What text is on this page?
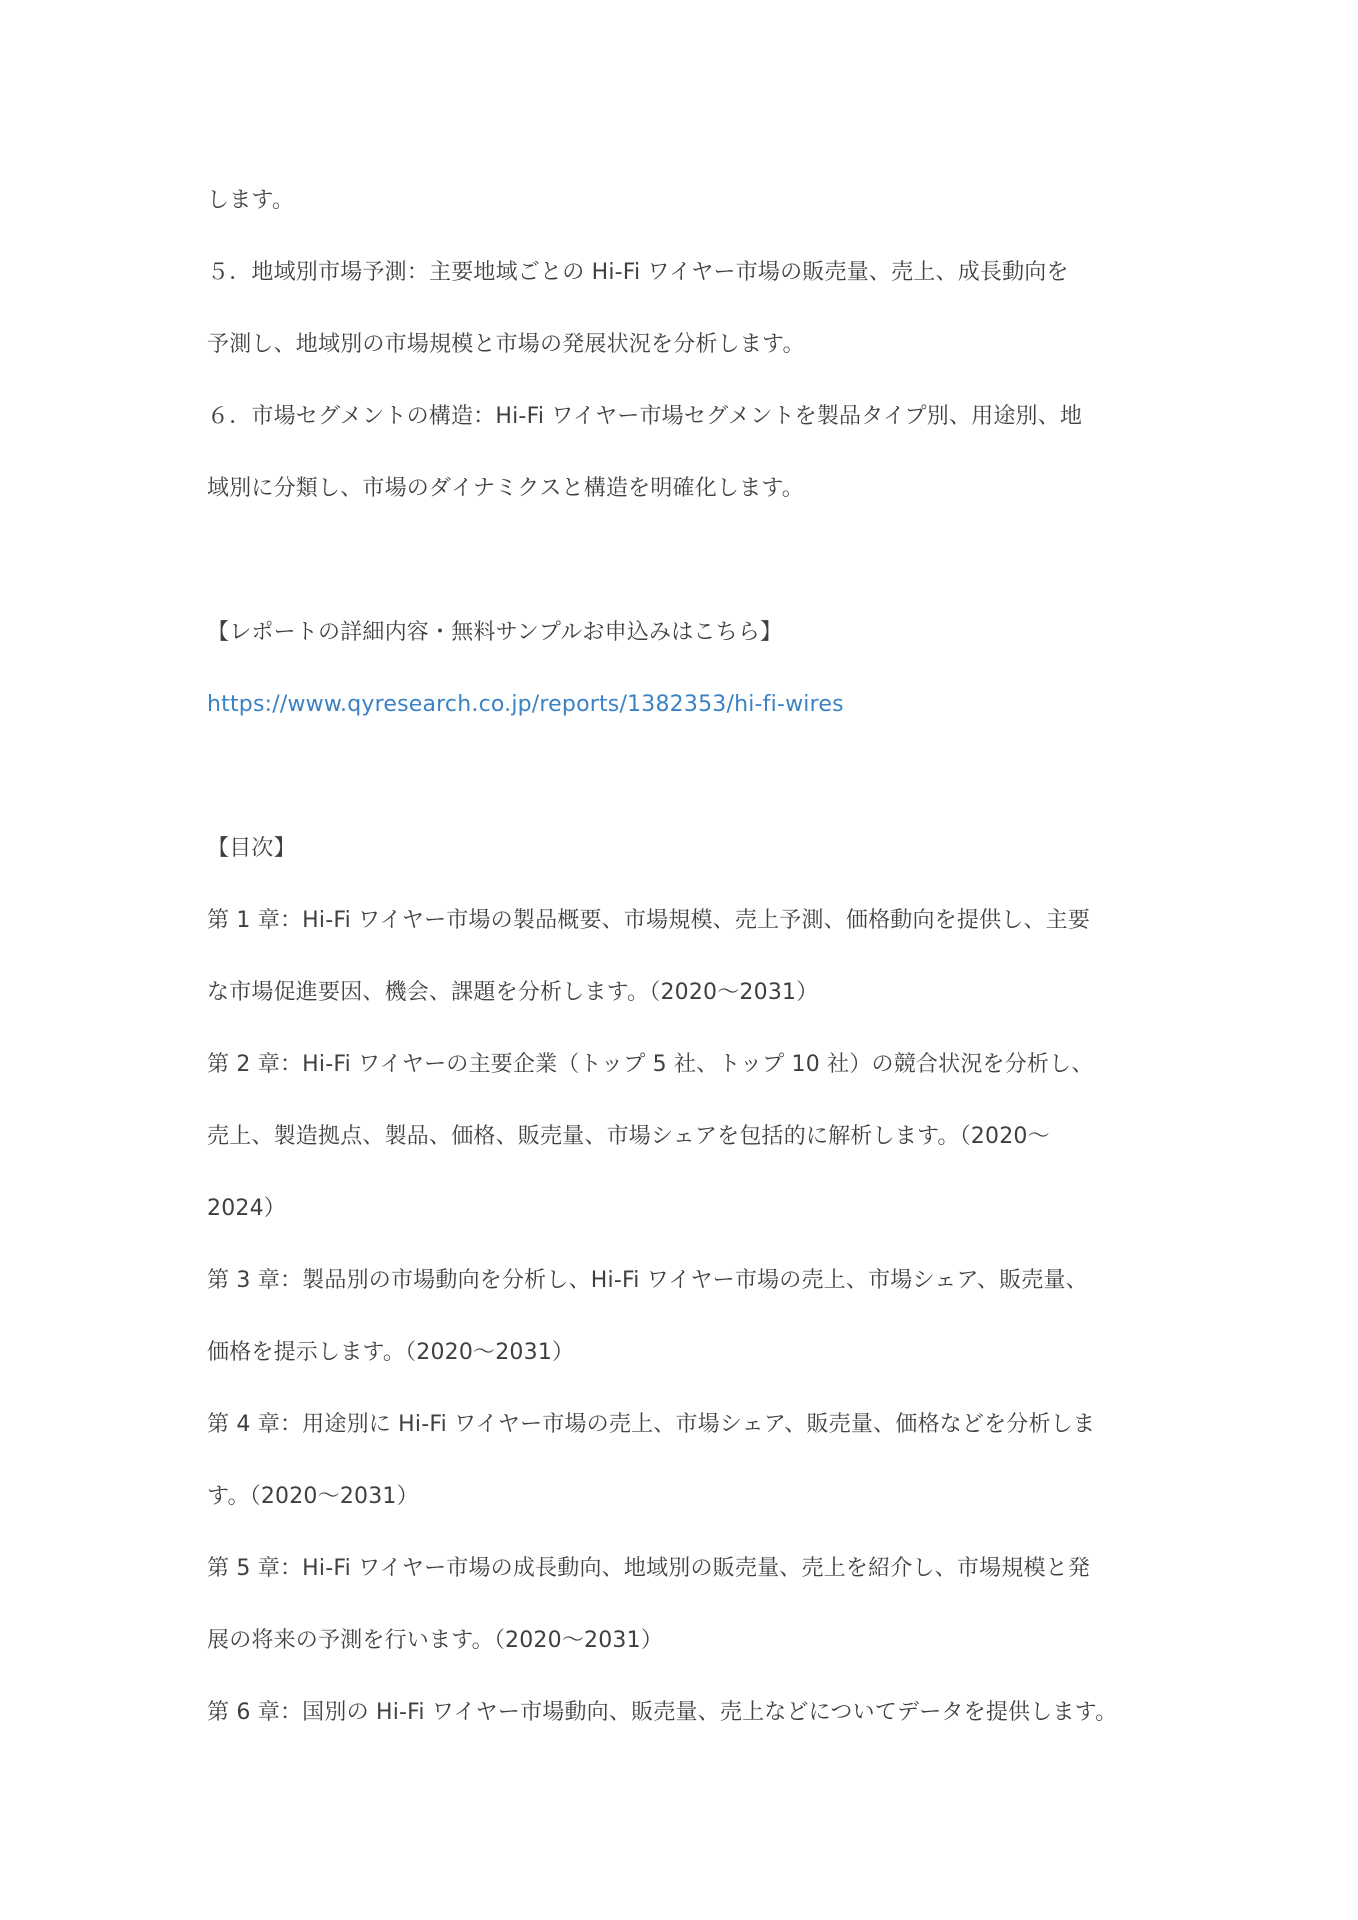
します。

５．地域別市場予測：主要地域ごとの Hi-Fi ワイヤー市場の販売量、売上、成長動向を

予測し、地域別の市場規模と市場の発展状況を分析します。

６．市場セグメントの構造：Hi-Fi ワイヤー市場セグメントを製品タイプ別、用途別、地

域別に分類し、市場のダイナミクスと構造を明確化します。

【レポートの詳細内容・無料サンプルお申込みはこちら】

https://www.qyresearch.co.jp/reports/1382353/hi-fi-wires

【目次】

第 1 章：Hi-Fi ワイヤー市場の製品概要、市場規模、売上予測、価格動向を提供し、主要

な市場促進要因、機会、課題を分析します。（2020～2031）

第 2 章：Hi-Fi ワイヤーの主要企業（トップ 5 社、トップ 10 社）の競合状況を分析し、

売上、製造拠点、製品、価格、販売量、市場シェアを包括的に解析します。（2020～

2024）

第 3 章：製品別の市場動向を分析し、Hi-Fi ワイヤー市場の売上、市場シェア、販売量、

価格を提示します。（2020～2031）

第 4 章：用途別に Hi-Fi ワイヤー市場の売上、市場シェア、販売量、価格などを分析しま

す。（2020～2031）

第 5 章：Hi-Fi ワイヤー市場の成長動向、地域別の販売量、売上を紹介し、市場規模と発

展の将来の予測を行います。（2020～2031）

第 6 章：国別の Hi-Fi ワイヤー市場動向、販売量、売上などについてデータを提供します。
